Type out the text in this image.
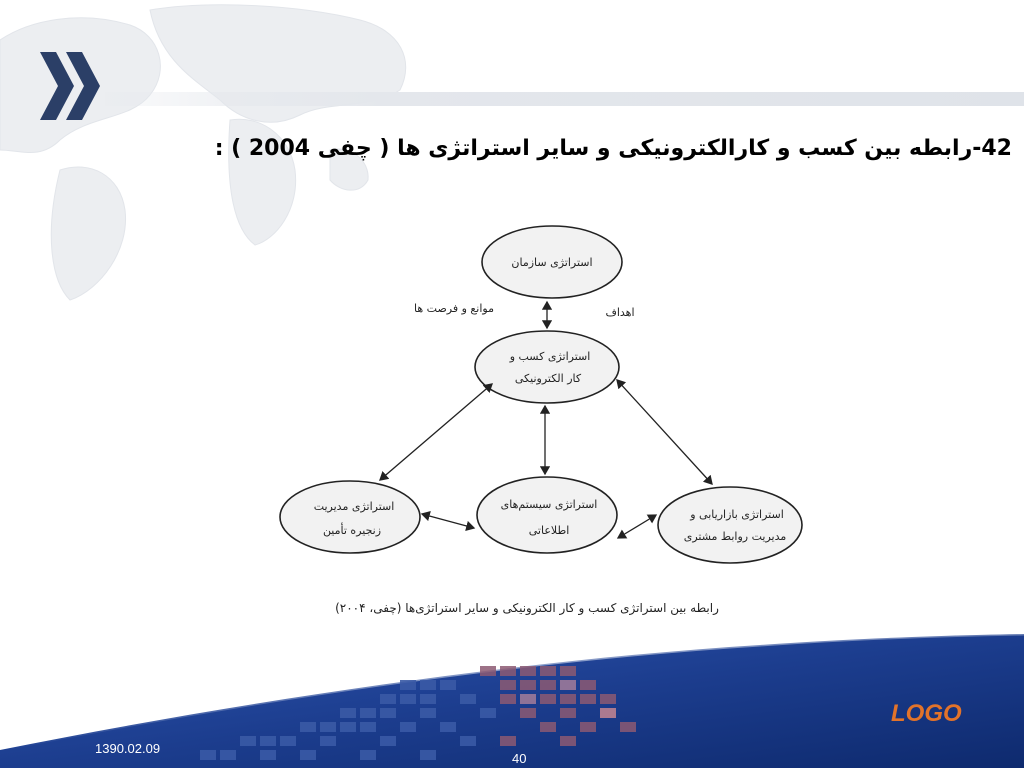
42-رابطه بین کسب و کارالکترونیکی و سایر استراتژی ها ( چفی 2004 ) :
استراتژی سازمان
استراتژی کسب و
کار الکترونیکی
استراتژی مدیریت
زنجیره تأمین
استراتژی سیستم‌های
اطلاعاتی
استراتژی بازاریابی و
مدیریت روابط مشتری
اهداف
موانع و فرصت ها
رابطه بین استراتژی کسب و کار الکترونیکی و سایر استراتژی‌ها (چفی، ۲۰۰۴)
LOGO
1390.02.09
40
